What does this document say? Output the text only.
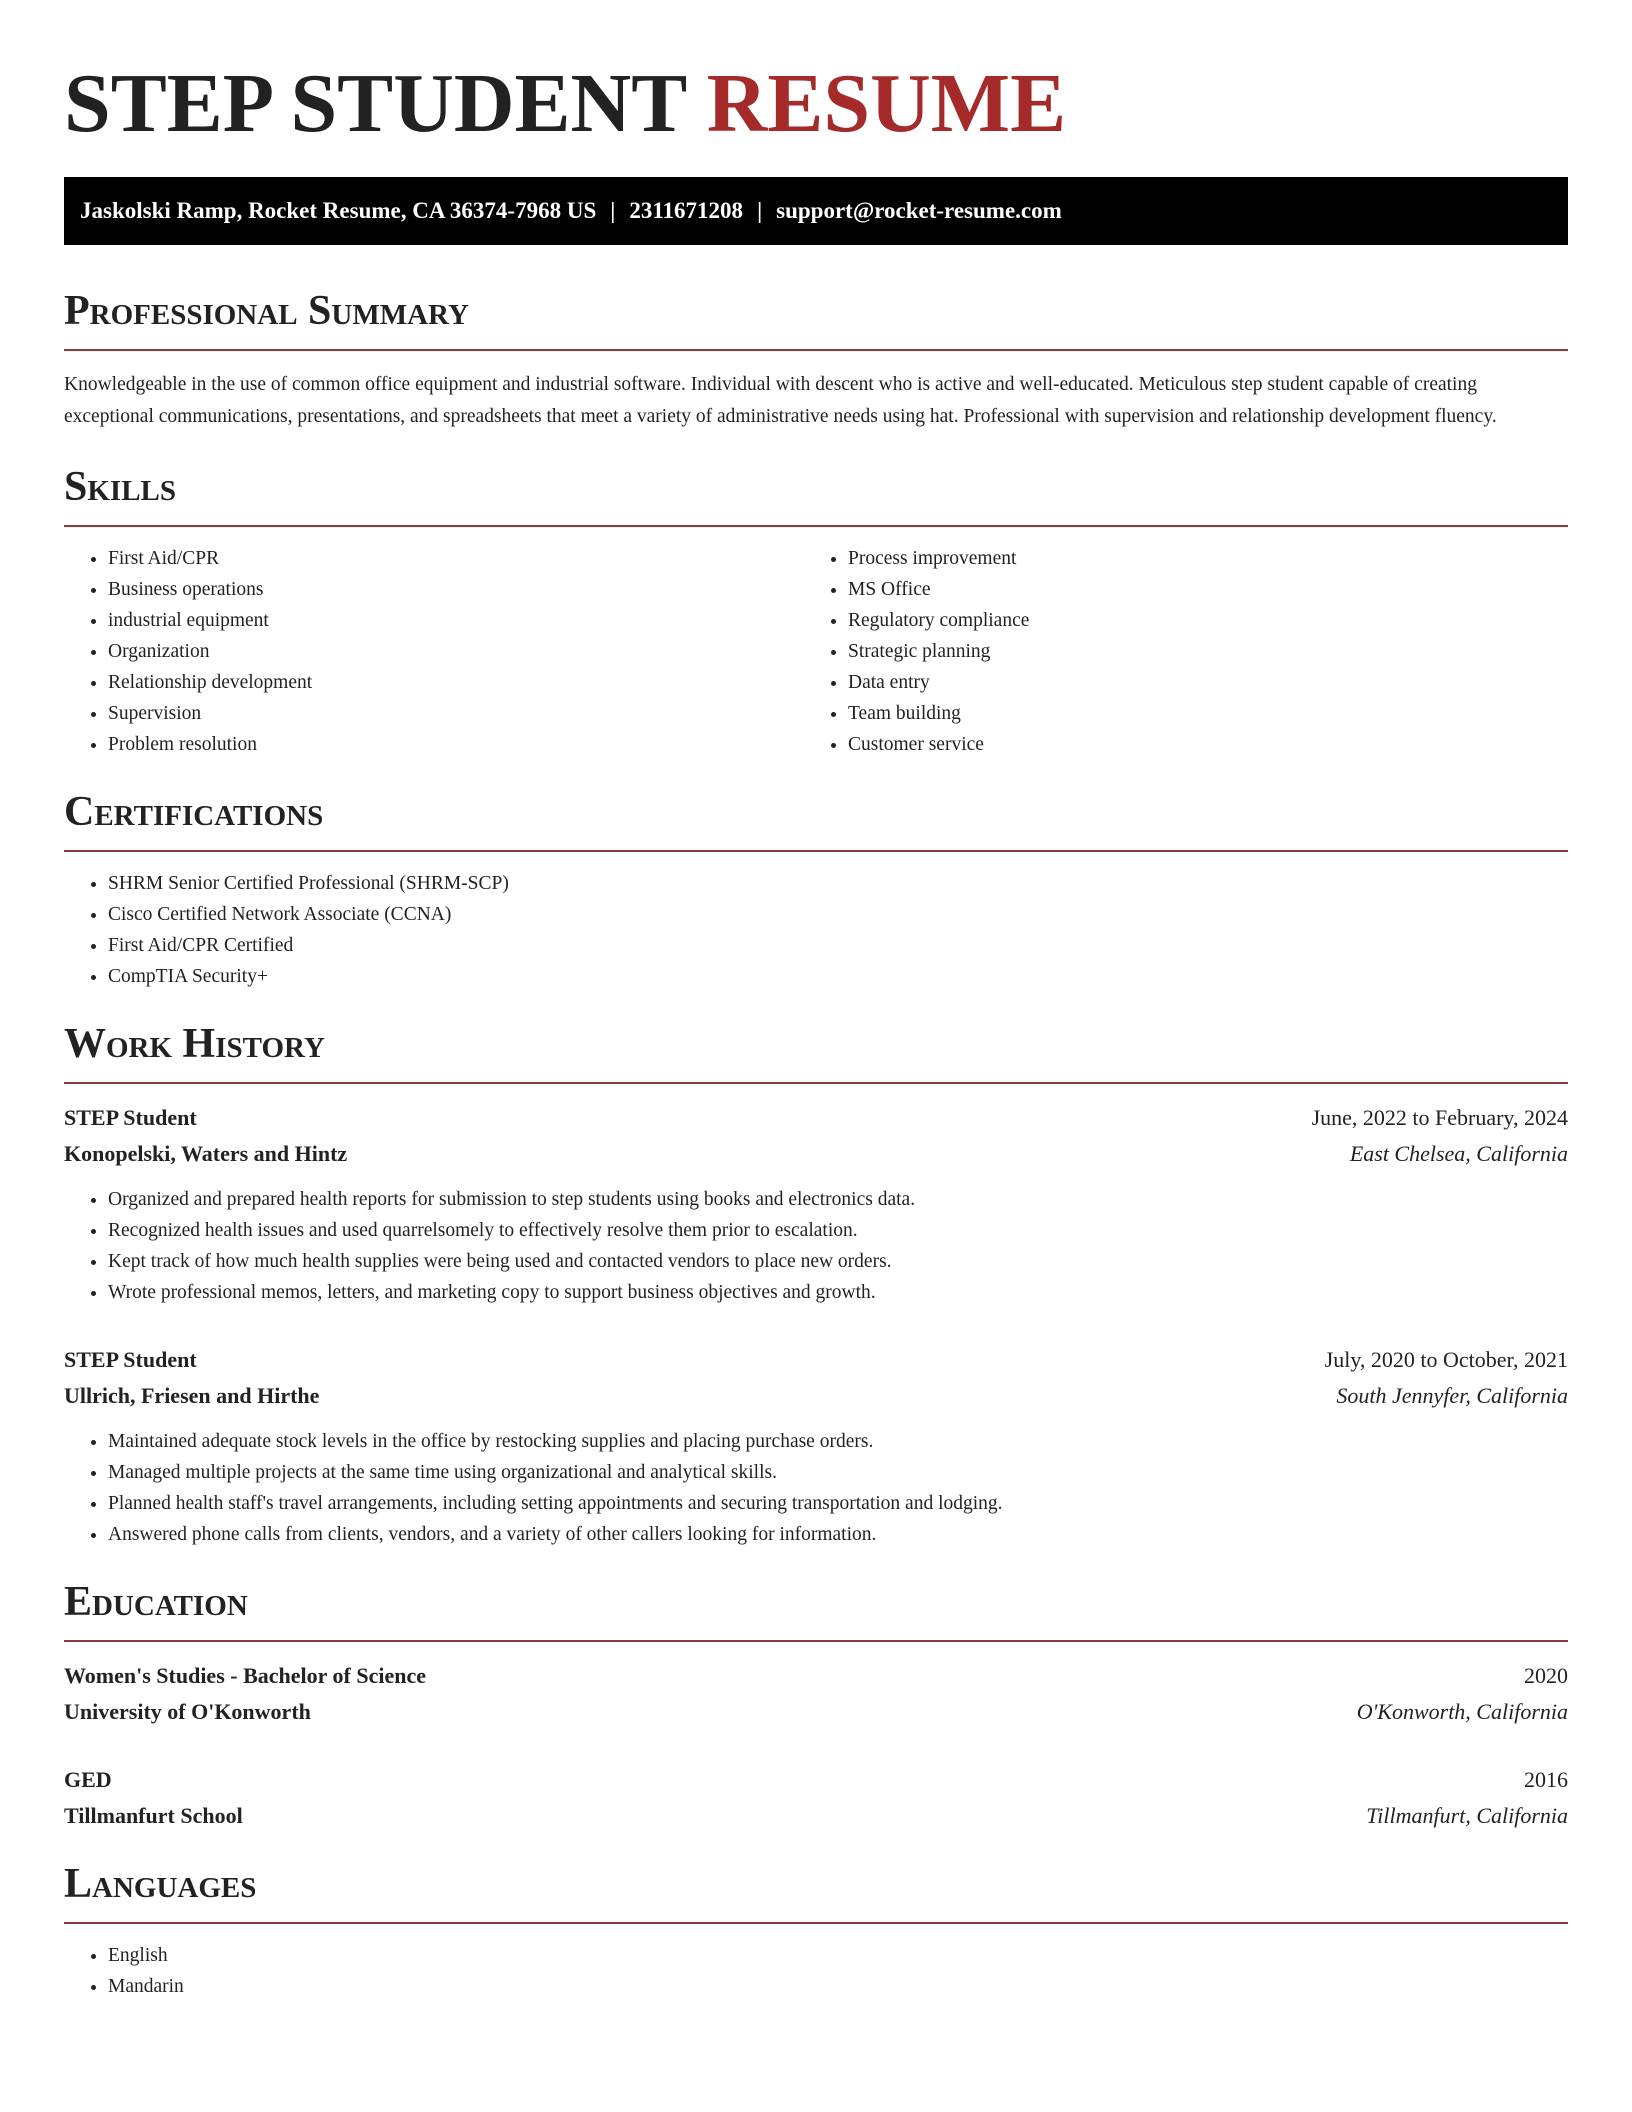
STEP STUDENT RESUME
Jaskolski Ramp, Rocket Resume, CA 36374-7968 US | 2311671208 | support@rocket-resume.com
Professional Summary

Knowledgeable in the use of common office equipment and industrial software. Individual with descent who is active and well-educated. Meticulous step student capable of creating exceptional communications, presentations, and spreadsheets that meet a variety of administrative needs using hat. Professional with supervision and relationship development fluency.

Skills
• First Aid/CPR
• Business operations
• industrial equipment
• Organization
• Relationship development
• Supervision
• Problem resolution
• Process improvement
• MS Office
• Regulatory compliance
• Strategic planning
• Data entry
• Team building
• Customer service
Certifications
• SHRM Senior Certified Professional (SHRM-SCP)
• Cisco Certified Network Associate (CCNA)
• First Aid/CPR Certified
• CompTIA Security+
Work History
STEP Student	June, 2022 to February, 2024
Konopelski, Waters and Hintz	East Chelsea, California
• Organized and prepared health reports for submission to step students using books and electronics data.
• Recognized health issues and used quarrelsomely to effectively resolve them prior to escalation.
• Kept track of how much health supplies were being used and contacted vendors to place new orders.
• Wrote professional memos, letters, and marketing copy to support business objectives and growth.
STEP Student	July, 2020 to October, 2021
Ullrich, Friesen and Hirthe	South Jennyfer, California
• Maintained adequate stock levels in the office by restocking supplies and placing purchase orders.
• Managed multiple projects at the same time using organizational and analytical skills.
• Planned health staff's travel arrangements, including setting appointments and securing transportation and lodging.
• Answered phone calls from clients, vendors, and a variety of other callers looking for information.
Education
Women's Studies - Bachelor of Science	2020
University of O'Konworth	O'Konworth, California
GED	2016
Tillmanfurt School	Tillmanfurt, California
Languages
• English
• Mandarin
